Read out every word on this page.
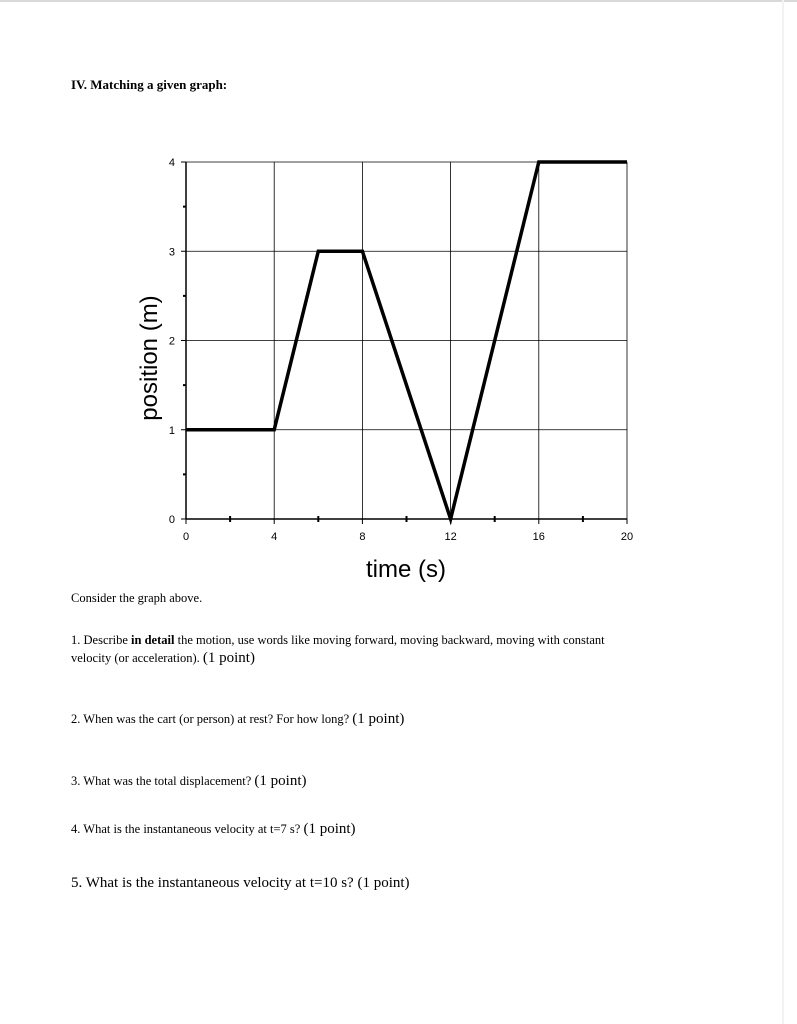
IV. Matching a given graph:
0	4	8	12	16	20
0
1
2
3
4
time (s)
position (m)
Consider the graph above.
1. Describe in detail the motion, use words like moving forward, moving backward, moving with constant
velocity (or acceleration). (1 point)
2. When was the cart (or person) at rest? For how long? (1 point)
3. What was the total displacement? (1 point)
4. What is the instantaneous velocity at t=7 s? (1 point)
5. What is the instantaneous velocity at t=10 s? (1 point)
